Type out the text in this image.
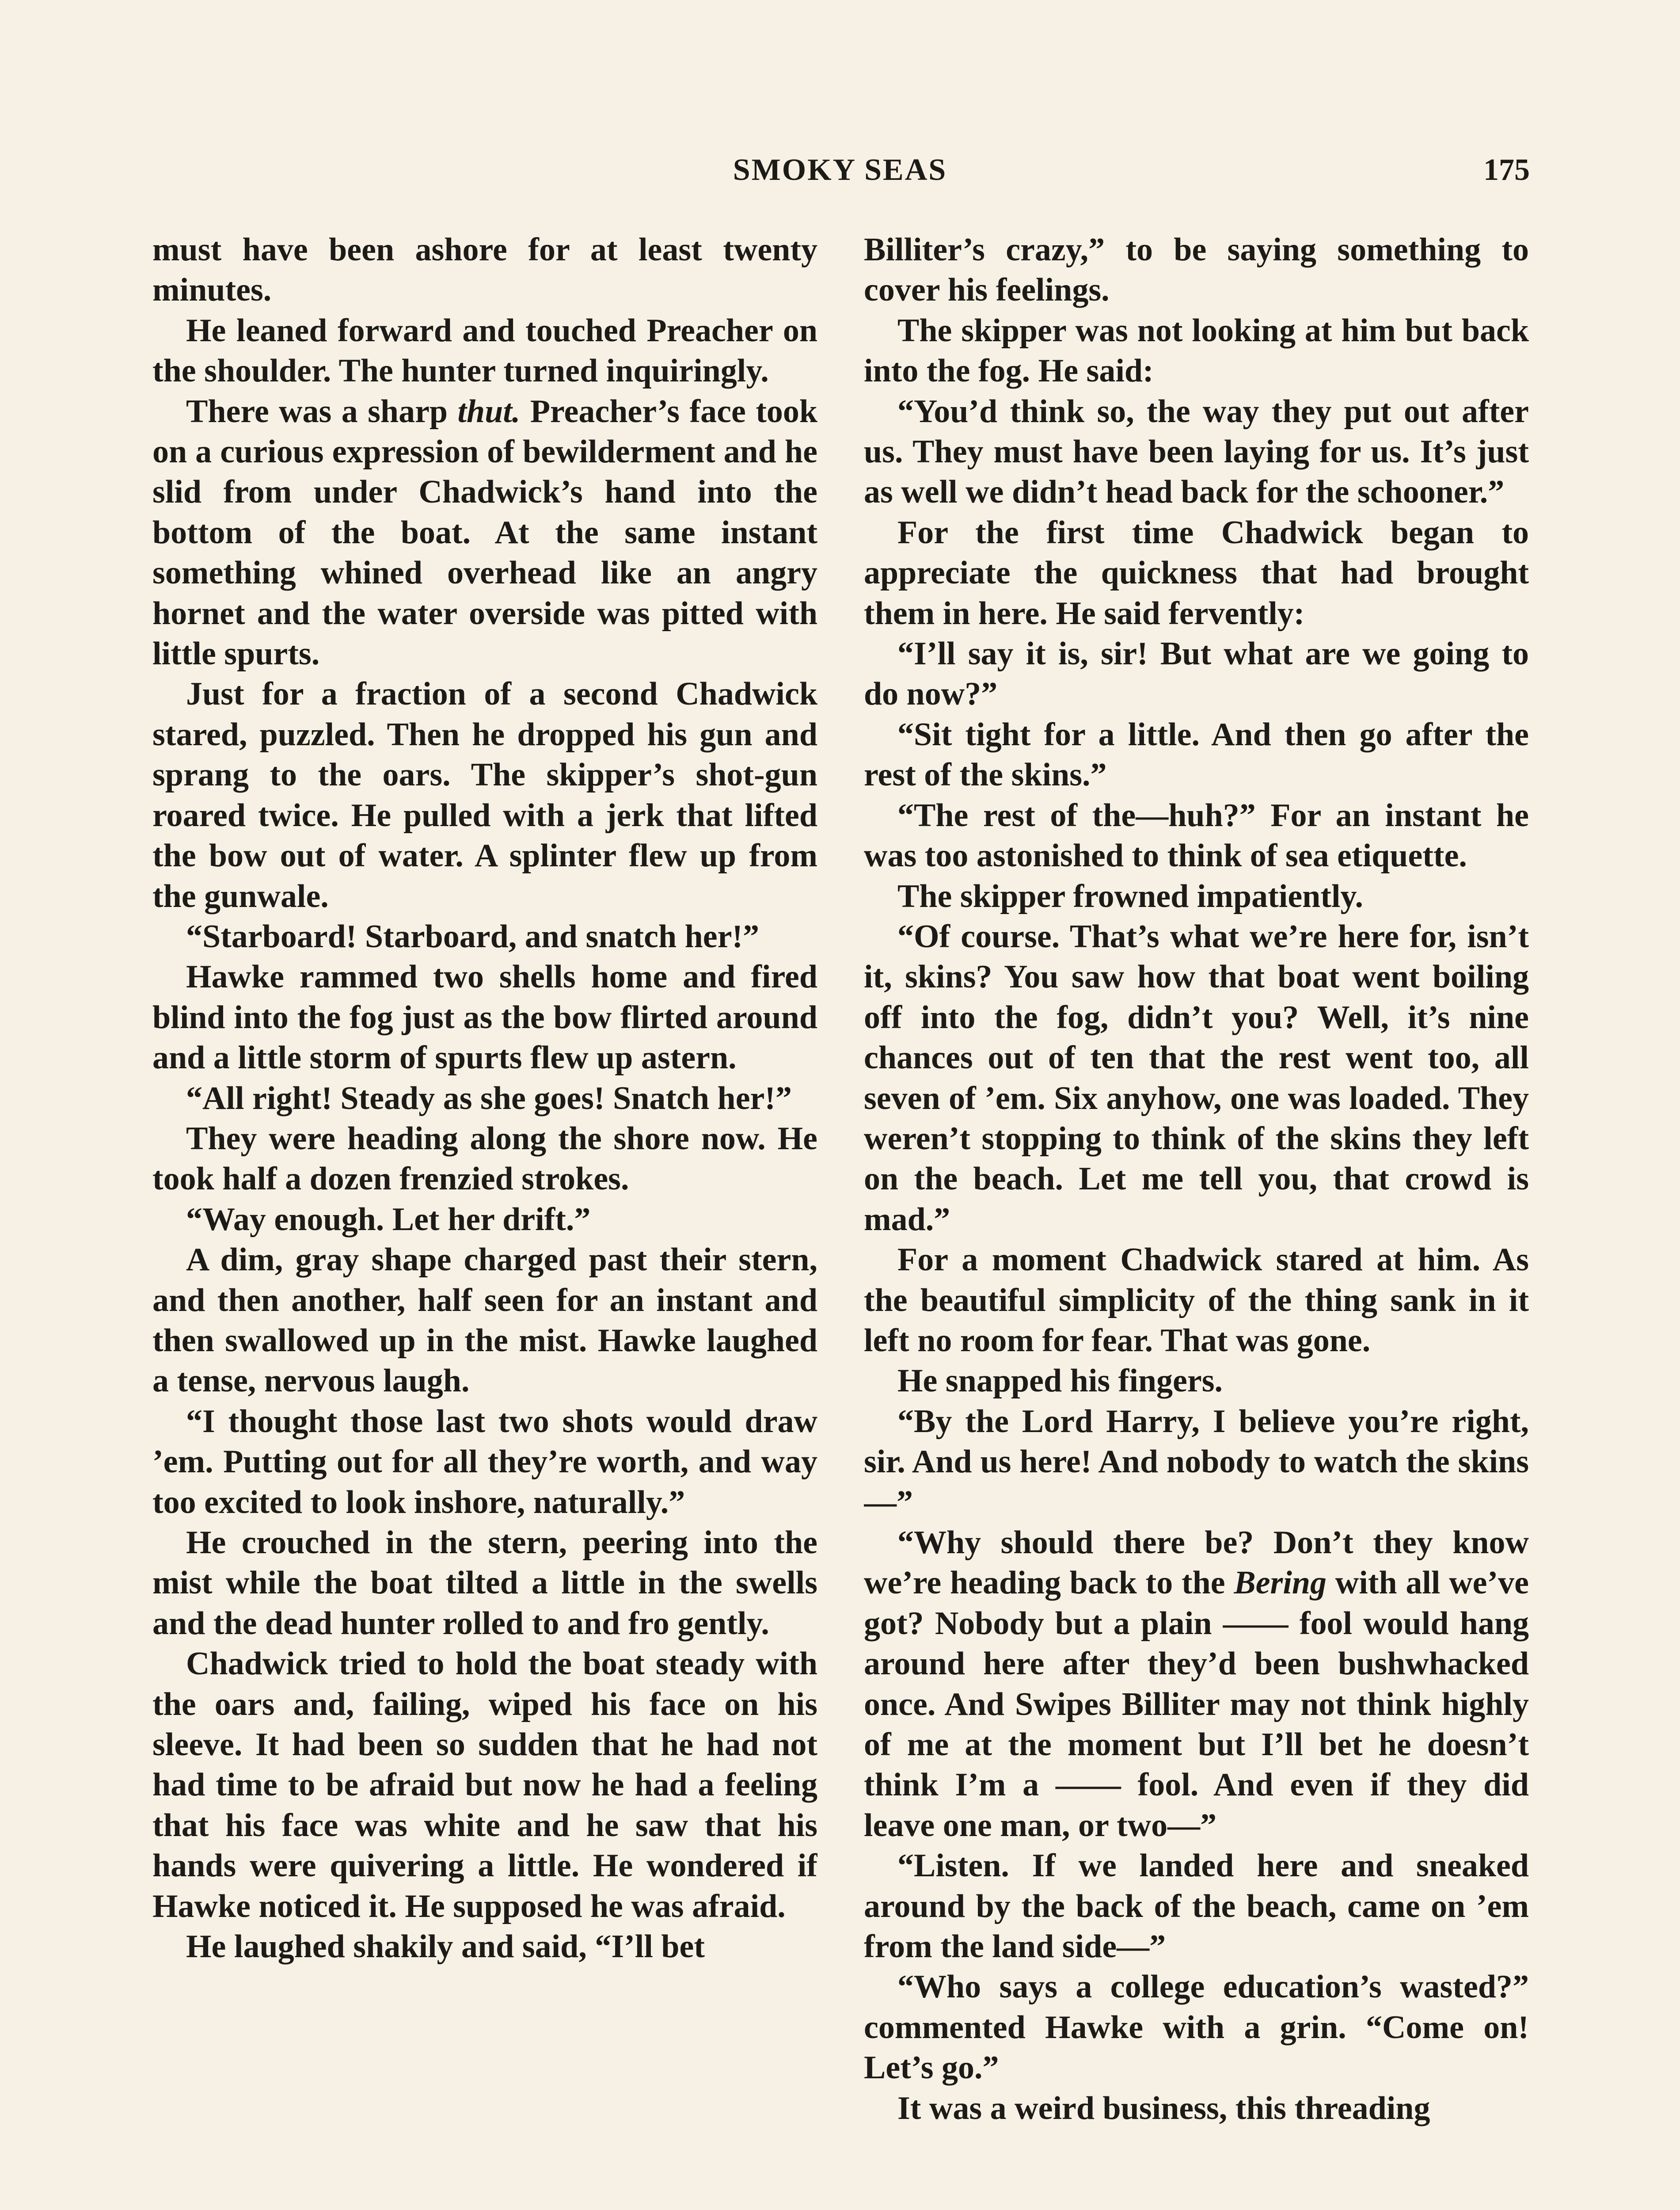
SMOKY SEAS	175

must have been ashore for at least twenty minutes.

He leaned forward and touched Preacher on the shoulder. The hunter turned inquiringly.

There was a sharp thut. Preacher’s face took on a curious expression of bewilderment and he slid from under Chadwick’s hand into the bottom of the boat. At the same instant something whined overhead like an angry hornet and the water overside was pitted with little spurts.

Just for a fraction of a second Chadwick stared, puzzled. Then he dropped his gun and sprang to the oars. The skipper’s shot-gun roared twice. He pulled with a jerk that lifted the bow out of water. A splinter flew up from the gunwale.

“Starboard! Starboard, and snatch her!”

Hawke rammed two shells home and fired blind into the fog just as the bow flirted around and a little storm of spurts flew up astern.

“All right! Steady as she goes! Snatch her!”

They were heading along the shore now. He took half a dozen frenzied strokes.

“Way enough. Let her drift.”

A dim, gray shape charged past their stern, and then another, half seen for an instant and then swallowed up in the mist. Hawke laughed a tense, nervous laugh.

“I thought those last two shots would draw ’em. Putting out for all they’re worth, and way too excited to look inshore, naturally.”

He crouched in the stern, peering into the mist while the boat tilted a little in the swells and the dead hunter rolled to and fro gently.

Chadwick tried to hold the boat steady with the oars and, failing, wiped his face on his sleeve. It had been so sudden that he had not had time to be afraid but now he had a feeling that his face was white and he saw that his hands were quivering a little. He wondered if Hawke noticed it. He supposed he was afraid.

He laughed shakily and said, “I’ll bet

Billiter’s crazy,” to be saying something to cover his feelings.

The skipper was not looking at him but back into the fog. He said:

“You’d think so, the way they put out after us. They must have been laying for us. It’s just as well we didn’t head back for the schooner.”

For the first time Chadwick began to appreciate the quickness that had brought them in here. He said fervently:

“I’ll say it is, sir! But what are we going to do now?”

“Sit tight for a little. And then go after the rest of the skins.”

“The rest of the—huh?” For an instant he was too astonished to think of sea etiquette.

The skipper frowned impatiently.

“Of course. That’s what we’re here for, isn’t it, skins? You saw how that boat went boiling off into the fog, didn’t you? Well, it’s nine chances out of ten that the rest went too, all seven of ’em. Six anyhow, one was loaded. They weren’t stopping to think of the skins they left on the beach. Let me tell you, that crowd is mad.”

For a moment Chadwick stared at him. As the beautiful simplicity of the thing sank in it left no room for fear. That was gone.

He snapped his fingers.

“By the Lord Harry, I believe you’re right, sir. And us here! And nobody to watch the skins—”

“Why should there be? Don’t they know we’re heading back to the Bering with all we’ve got? Nobody but a plain —— fool would hang around here after they’d been bushwhacked once. And Swipes Billiter may not think highly of me at the moment but I’ll bet he doesn’t think I’m a —— fool. And even if they did leave one man, or two—”

“Listen. If we landed here and sneaked around by the back of the beach, came on ’em from the land side—”

“Who says a college education’s wasted?” commented Hawke with a grin. “Come on! Let’s go.”

It was a weird business, this threading
